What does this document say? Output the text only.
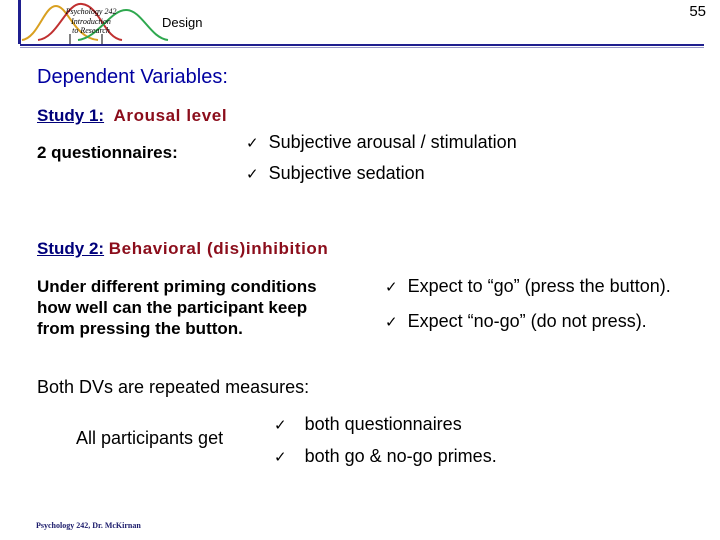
Psychology 242
Introduction
to Research
Design
55
Dependent Variables:
Study 1: Arousal level
2 questionnaires:	✓ Subjective arousal / stimulation
✓ Subjective sedation
Study 2: Behavioral (dis)inhibition
Under different priming conditions
how well can the participant keep
from pressing the button.
✓ Expect to “go” (press the button).
✓ Expect “no-go” (do not press).
Both DVs are repeated measures:
All participants get
✓ both questionnaires
✓ both go & no-go primes.
Psychology 242, Dr. McKirnan
